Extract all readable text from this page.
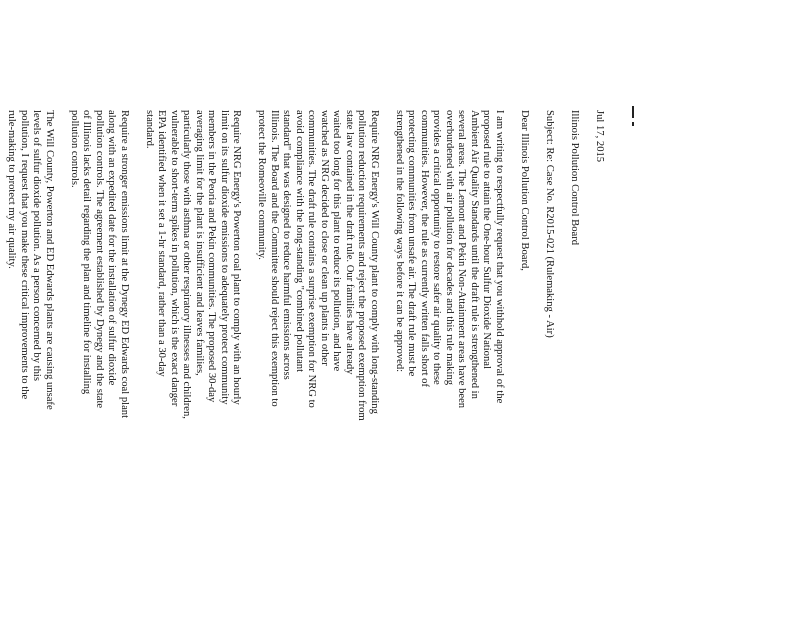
Jul 17, 2015
Illinois Pollution Control Board
Subject: Re: Case No. R2015-021 (Rulemaking - Air)
Dear Illinois Pollution Control Board,
I am writing to respectfully request that you withhold approval of the
proposed rule to attain the One-hour Sulfur Dioxide National
Ambient Air Quality Standards until the draft rule is strengthened in
several areas. The Lemont and Pekin Non-Attainment areas have been
overburdened with air pollution for decades and this rule making
provides a critical opportunity to restore safer air quality to these
communities. However, the rule as currently written falls short of
protecting communities from unsafe air. The draft rule must be
strengthened in the following ways before it can be approved:
Require NRG Energy's Will County plant to comply with long-standing
pollution reduction requirements and reject the proposed exemption from
state law contained in the draft rule. Our families have already
waited too long for this plant to reduce its pollution, and have
watched as NRG decided to close or clean up plants in other
communities. The draft rule contains a surprise exemption for NRG to
avoid compliance with the long-standing "combined pollutant
standard" that was designed to reduce harmful emissions across
Illinois. The Board and the Committee should reject this exemption to
protect the Romeoville community.
Require NRG Energy's Powerton coal plant to comply with an hourly
limit on its sulfur dioxide emissions to adequately protect community
members in the Peoria and Pekin communities. The proposed 30-day
averaging limit for the plant is insufficient and leaves families,
particularly those with asthma or other respiratory illnesses and children,
vulnerable to short-term spikes in pollution, which is the exact danger
EPA identified when it set a 1-hr standard, rather than a 30-day
standard.
Require a stronger emissions limit at the Dynegy ED Edwards coal plant
along with an expedited date for the installation of sulfur dioxide
pollution controls. The agreement established by Dynegy and the state
of Illinois lacks detail regarding the plan and timeline for installing
pollution controls.
The Will County, Powerton and ED Edwards plants are causing unsafe
levels of sulfur dioxide pollution. As a person concerned by this
pollution, I request that you make these critical improvements to the
rule-making to protect my air quality.
